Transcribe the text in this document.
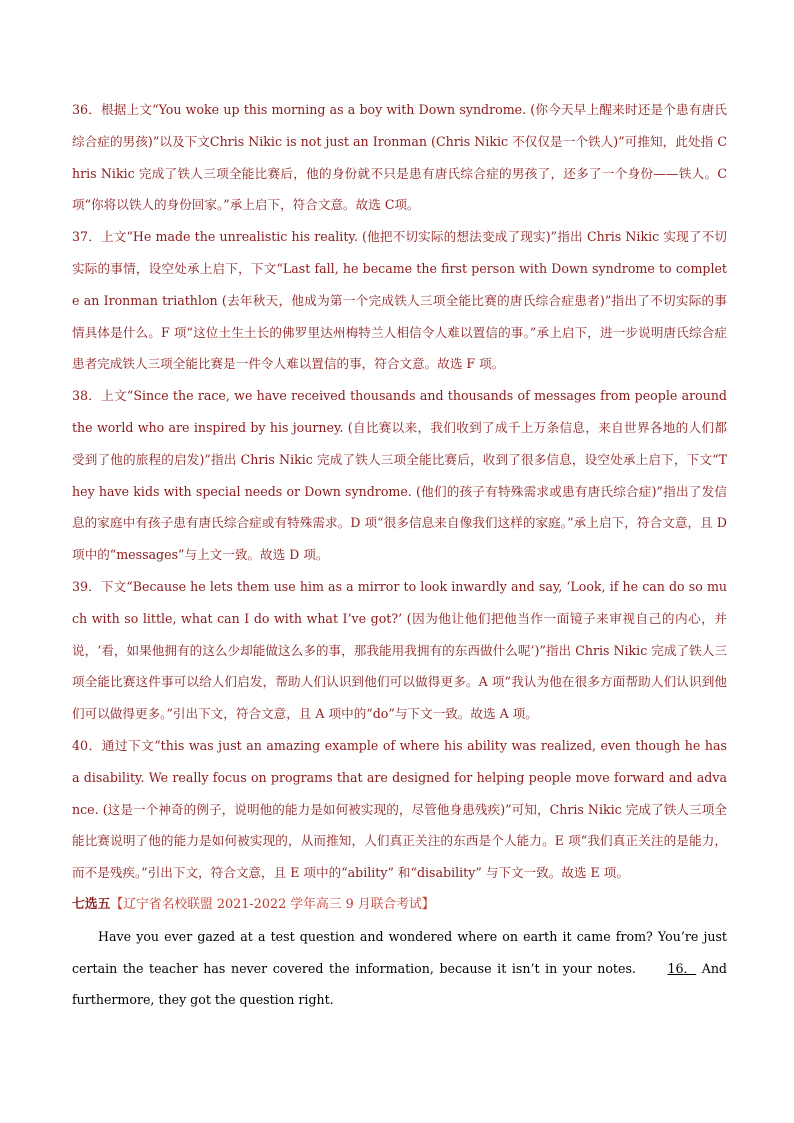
36．根据上文“You woke up this morning as a boy with Down syndrome. (你今天早上醒来时还是个患有唐氏综合症的男孩)”以及下文Chris Nikic is not just an Ironman (Chris Nikic 不仅仅是一个铁人)”可推知，此处指 Chris Nikic 完成了铁人三项全能比赛后，他的身份就不只是患有唐氏综合症的男孩了，还多了一个身份——铁人。C项“你将以铁人的身份回家。”承上启下，符合文意。故选 C项。

37．上文“He made the unrealistic his reality. (他把不切实际的想法变成了现实)”指出 Chris Nikic 实现了不切实际的事情，设空处承上启下，下文“Last fall, he became the first person with Down syndrome to complete an Ironman triathlon (去年秋天，他成为第一个完成铁人三项全能比赛的唐氏综合症患者)”指出了不切实际的事情具体是什么。F 项“这位土生土长的佛罗里达州梅特兰人相信令人难以置信的事。”承上启下，进一步说明唐氏综合症患者完成铁人三项全能比赛是一件令人难以置信的事，符合文意。故选 F 项。

38．上文“Since the race, we have received thousands and thousands of messages from people around the world who are inspired by his journey. (自比赛以来，我们收到了成千上万条信息，来自世界各地的人们都受到了他的旅程的启发)”指出 Chris Nikic 完成了铁人三项全能比赛后，收到了很多信息，设空处承上启下，下文“They have kids with special needs or Down syndrome. (他们的孩子有特殊需求或患有唐氏综合症)”指出了发信息的家庭中有孩子患有唐氏综合症或有特殊需求。D 项“很多信息来自像我们这样的家庭。”承上启下，符合文意，且 D 项中的“messages”与上文一致。故选 D 项。

39．下文“Because he lets them use him as a mirror to look inwardly and say, ‘Look, if he can do so much with so little, what can I do with what I’ve got?’ (因为他让他们把他当作一面镜子来审视自己的内心，并说，‘看，如果他拥有的这么少却能做这么多的事，那我能用我拥有的东西做什么呢’)”指出 Chris Nikic 完成了铁人三项全能比赛这件事可以给人们启发，帮助人们认识到他们可以做得更多。A 项“我认为他在很多方面帮助人们认识到他们可以做得更多。”引出下文，符合文意，且 A 项中的“do”与下文一致。故选 A 项。

40．通过下文“this was just an amazing example of where his ability was realized, even though he has a disability. We really focus on programs that are designed for helping people move forward and advance. (这是一个神奇的例子，说明他的能力是如何被实现的，尽管他身患残疾)”可知，Chris Nikic 完成了铁人三项全能比赛说明了他的能力是如何被实现的，从而推知，人们真正关注的东西是个人能力。E 项“我们真正关注的是能力，而不是残疾。”引出下文，符合文意，且 E 项中的“ability” 和“disability” 与下文一致。故选 E 项。

七选五【辽宁省名校联盟 2021-2022 学年高三 9 月联合考试】

Have you ever gazed at a test question and wondered where on earth it came from? You’re just certain the teacher has never covered the information, because it isn’t in your notes. 16． And furthermore, they got the question right.
